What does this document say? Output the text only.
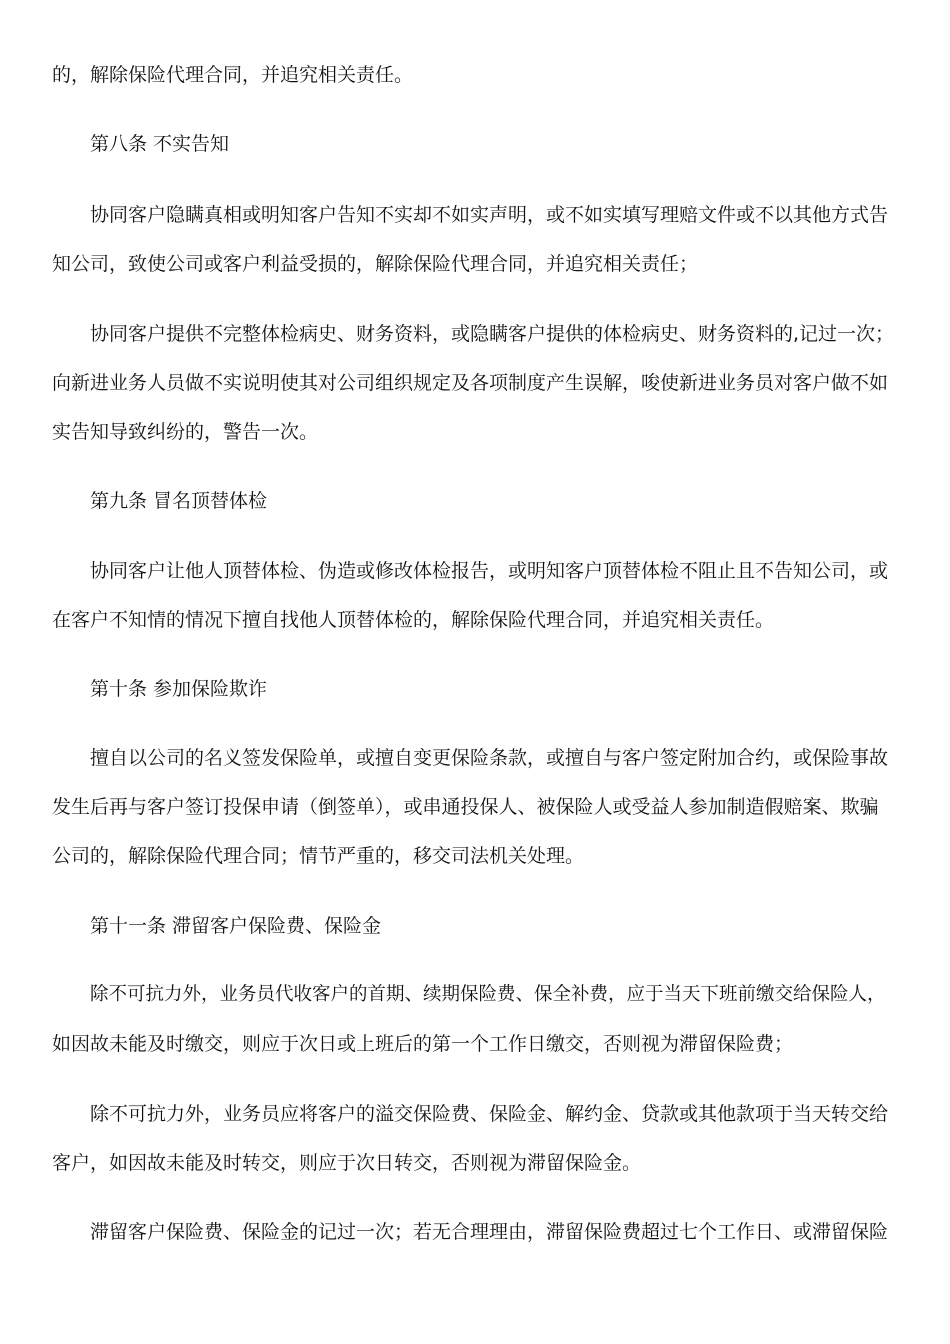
的，解除保险代理合同，并追究相关责任。
第八条 不实告知
协同客户隐瞒真相或明知客户告知不实却不如实声明，或不如实填写理赔文件或不以其他方式告
知公司，致使公司或客户利益受损的，解除保险代理合同，并追究相关责任；
协同客户提供不完整体检病史、财务资料，或隐瞒客户提供的体检病史、财务资料的,记过一次；
向新进业务人员做不实说明使其对公司组织规定及各项制度产生误解，唆使新进业务员对客户做不如
实告知导致纠纷的，警告一次。
第九条 冒名顶替体检
协同客户让他人顶替体检、伪造或修改体检报告，或明知客户顶替体检不阻止且不告知公司，或
在客户不知情的情况下擅自找他人顶替体检的，解除保险代理合同，并追究相关责任。
第十条 参加保险欺诈
擅自以公司的名义签发保险单，或擅自变更保险条款，或擅自与客户签定附加合约，或保险事故
发生后再与客户签订投保申请（倒签单），或串通投保人、被保险人或受益人参加制造假赔案、欺骗
公司的，解除保险代理合同；情节严重的，移交司法机关处理。
第十一条 滞留客户保险费、保险金
除不可抗力外，业务员代收客户的首期、续期保险费、保全补费，应于当天下班前缴交给保险人，
如因故未能及时缴交，则应于次日或上班后的第一个工作日缴交，否则视为滞留保险费；
除不可抗力外，业务员应将客户的溢交保险费、保险金、解约金、贷款或其他款项于当天转交给
客户，如因故未能及时转交，则应于次日转交，否则视为滞留保险金。
滞留客户保险费、保险金的记过一次；若无合理理由，滞留保险费超过七个工作日、或滞留保险
